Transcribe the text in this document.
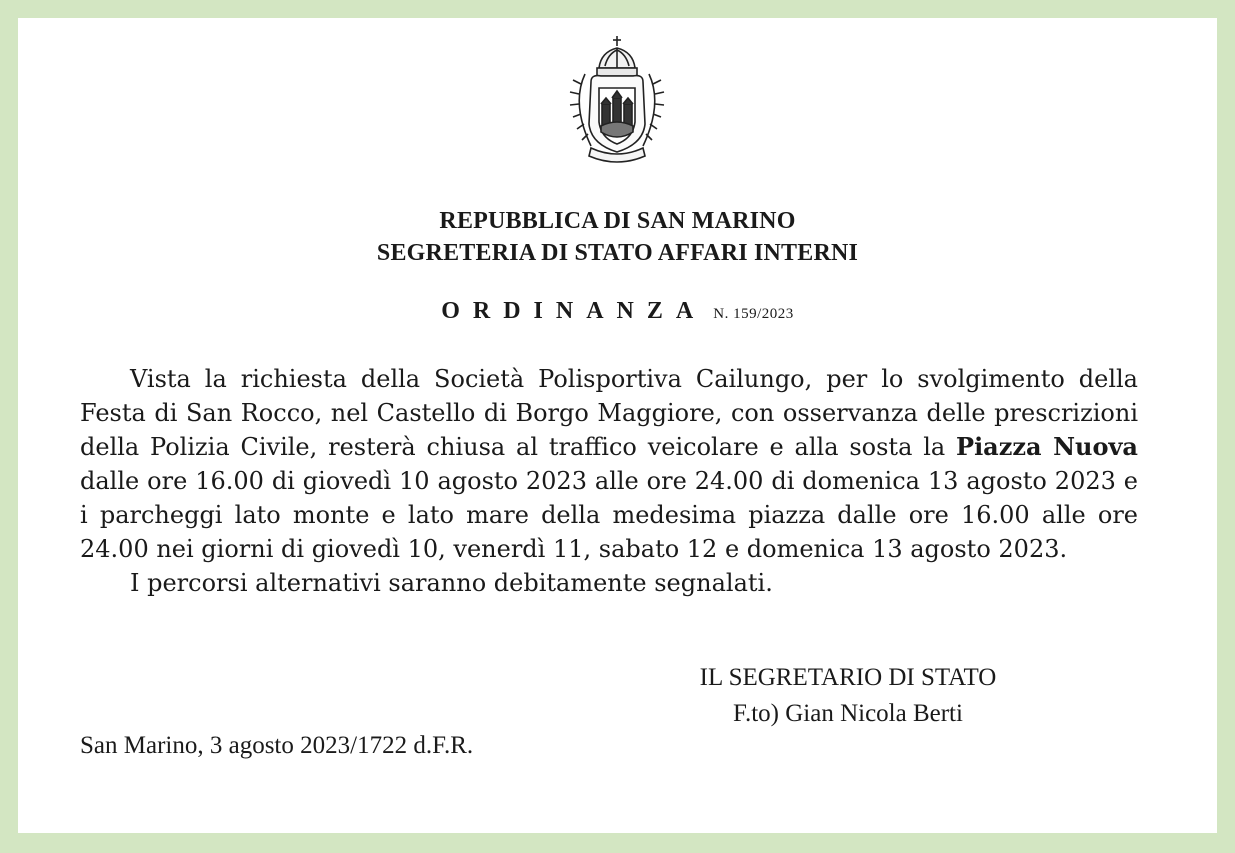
REPUBBLICA DI SAN MARINO
SEGRETERIA DI STATO AFFARI INTERNI
ORDINANZA N. 159/2023

Vista la richiesta della Società Polisportiva Cailungo, per lo svolgimento della Festa di San Rocco, nel Castello di Borgo Maggiore, con osservanza delle prescrizioni della Polizia Civile, resterà chiusa al traffico veicolare e alla sosta la Piazza Nuova dalle ore 16.00 di giovedì 10 agosto 2023 alle ore 24.00 di domenica 13 agosto 2023 e i parcheggi lato monte e lato mare della medesima piazza dalle ore 16.00 alle ore 24.00 nei giorni di giovedì 10, venerdì 11, sabato 12 e domenica 13 agosto 2023.

I percorsi alternativi saranno debitamente segnalati.

IL SEGRETARIO DI STATO
F.to) Gian Nicola Berti
San Marino, 3 agosto 2023/1722 d.F.R.
